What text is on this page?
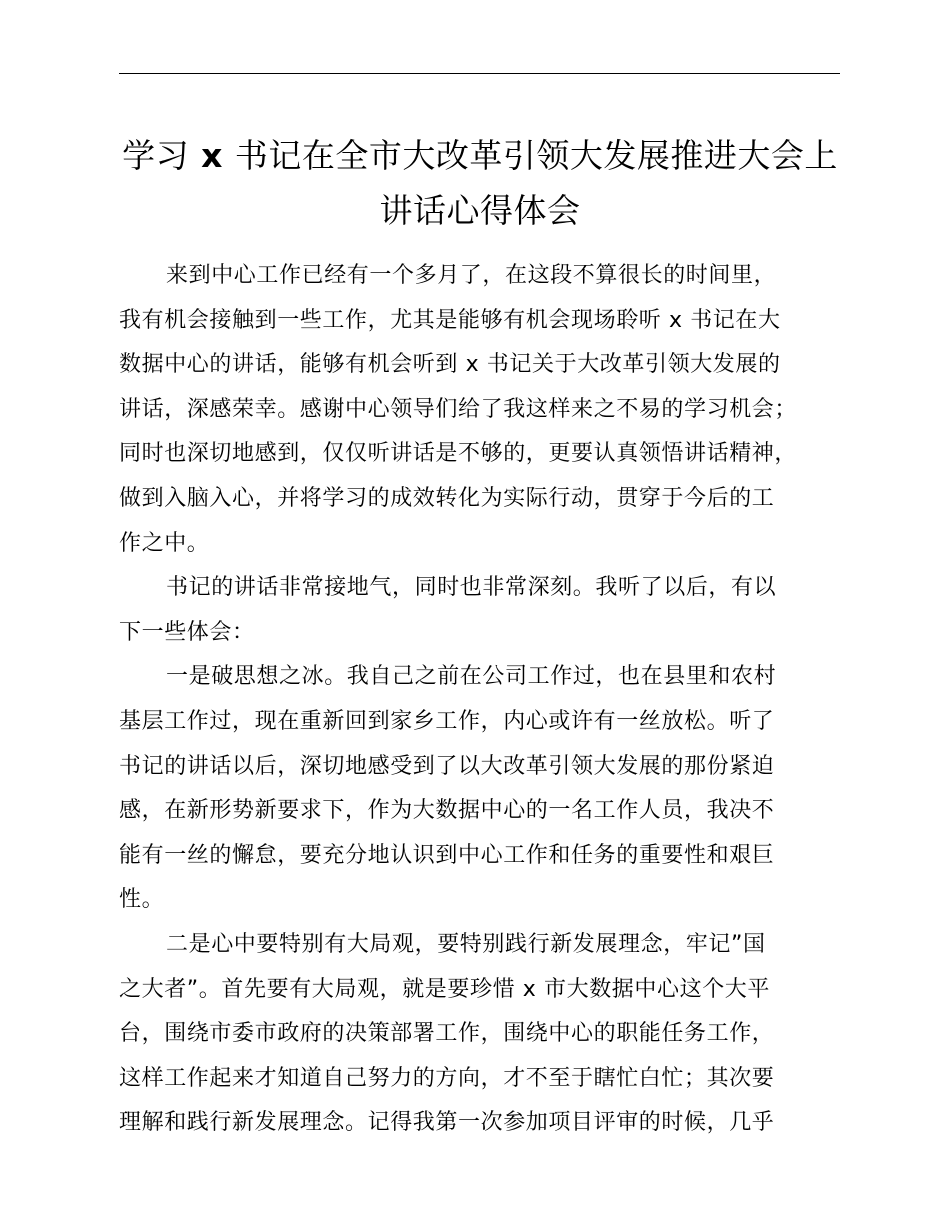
学习 x 书记在全市大改革引领大发展推进大会上
讲话心得体会
来到中心工作已经有一个多月了，在这段不算很长的时间里，
我有机会接触到一些工作，尤其是能够有机会现场聆听 x 书记在大
数据中心的讲话，能够有机会听到 x 书记关于大改革引领大发展的
讲话，深感荣幸。感谢中心领导们给了我这样来之不易的学习机会；
同时也深切地感到，仅仅听讲话是不够的，更要认真领悟讲话精神，
做到入脑入心，并将学习的成效转化为实际行动，贯穿于今后的工
作之中。
书记的讲话非常接地气，同时也非常深刻。我听了以后，有以
下一些体会：
一是破思想之冰。我自己之前在公司工作过，也在县里和农村
基层工作过，现在重新回到家乡工作，内心或许有一丝放松。听了
书记的讲话以后，深切地感受到了以大改革引领大发展的那份紧迫
感，在新形势新要求下，作为大数据中心的一名工作人员，我决不
能有一丝的懈怠，要充分地认识到中心工作和任务的重要性和艰巨
性。
二是心中要特别有大局观，要特别践行新发展理念，牢记”国
之大者”。首先要有大局观，就是要珍惜 x 市大数据中心这个大平
台，围绕市委市政府的决策部署工作，围绕中心的职能任务工作，
这样工作起来才知道自己努力的方向，才不至于瞎忙白忙；其次要
理解和践行新发展理念。记得我第一次参加项目评审的时候，几乎
